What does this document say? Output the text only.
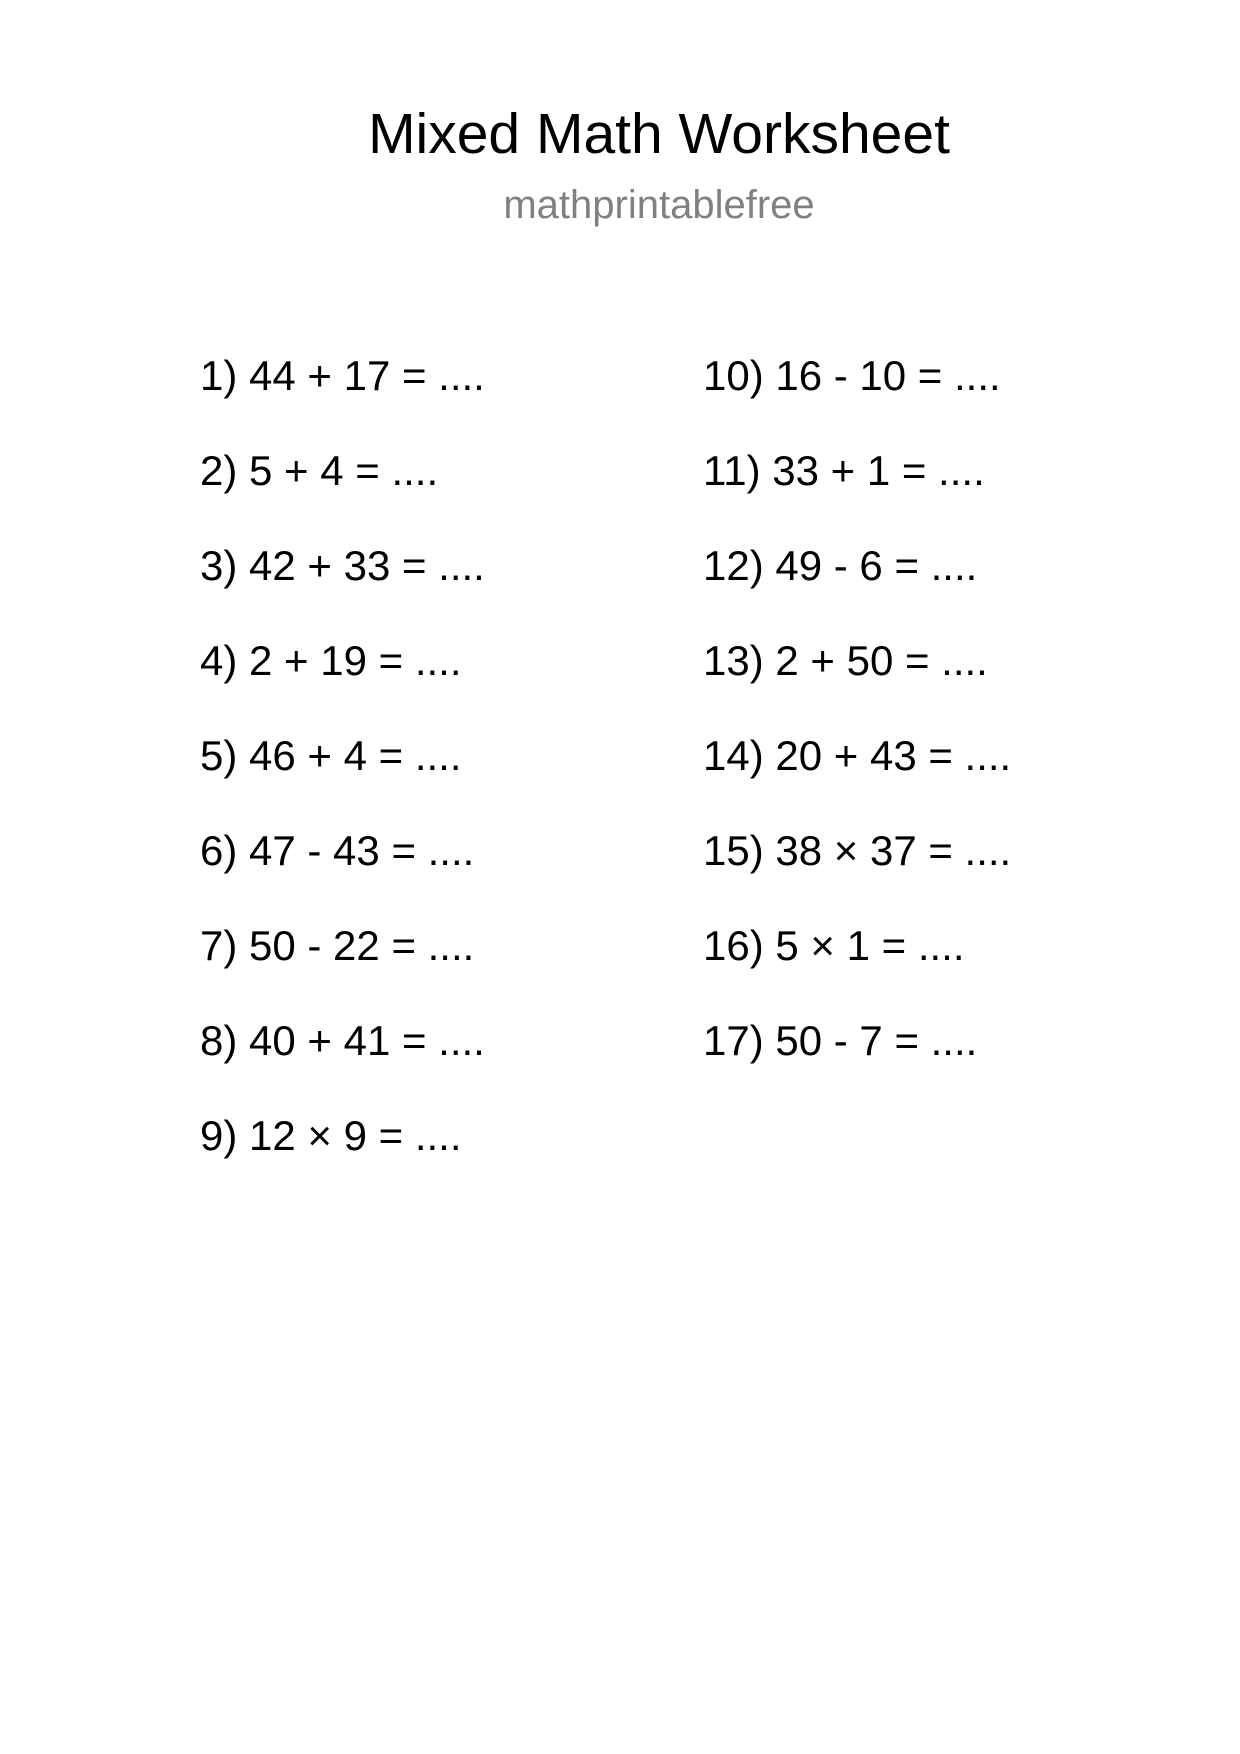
Mixed Math Worksheet
mathprintablefree
1) 44 + 17 = ....
2) 5 + 4 = ....
3) 42 + 33 = ....
4) 2 + 19 = ....
5) 46 + 4 = ....
6) 47 - 43 = ....
7) 50 - 22 = ....
8) 40 + 41 = ....
9) 12 × 9 = ....
10) 16 - 10 = ....
11) 33 + 1 = ....
12) 49 - 6 = ....
13) 2 + 50 = ....
14) 20 + 43 = ....
15) 38 × 37 = ....
16) 5 × 1 = ....
17) 50 - 7 = ....
